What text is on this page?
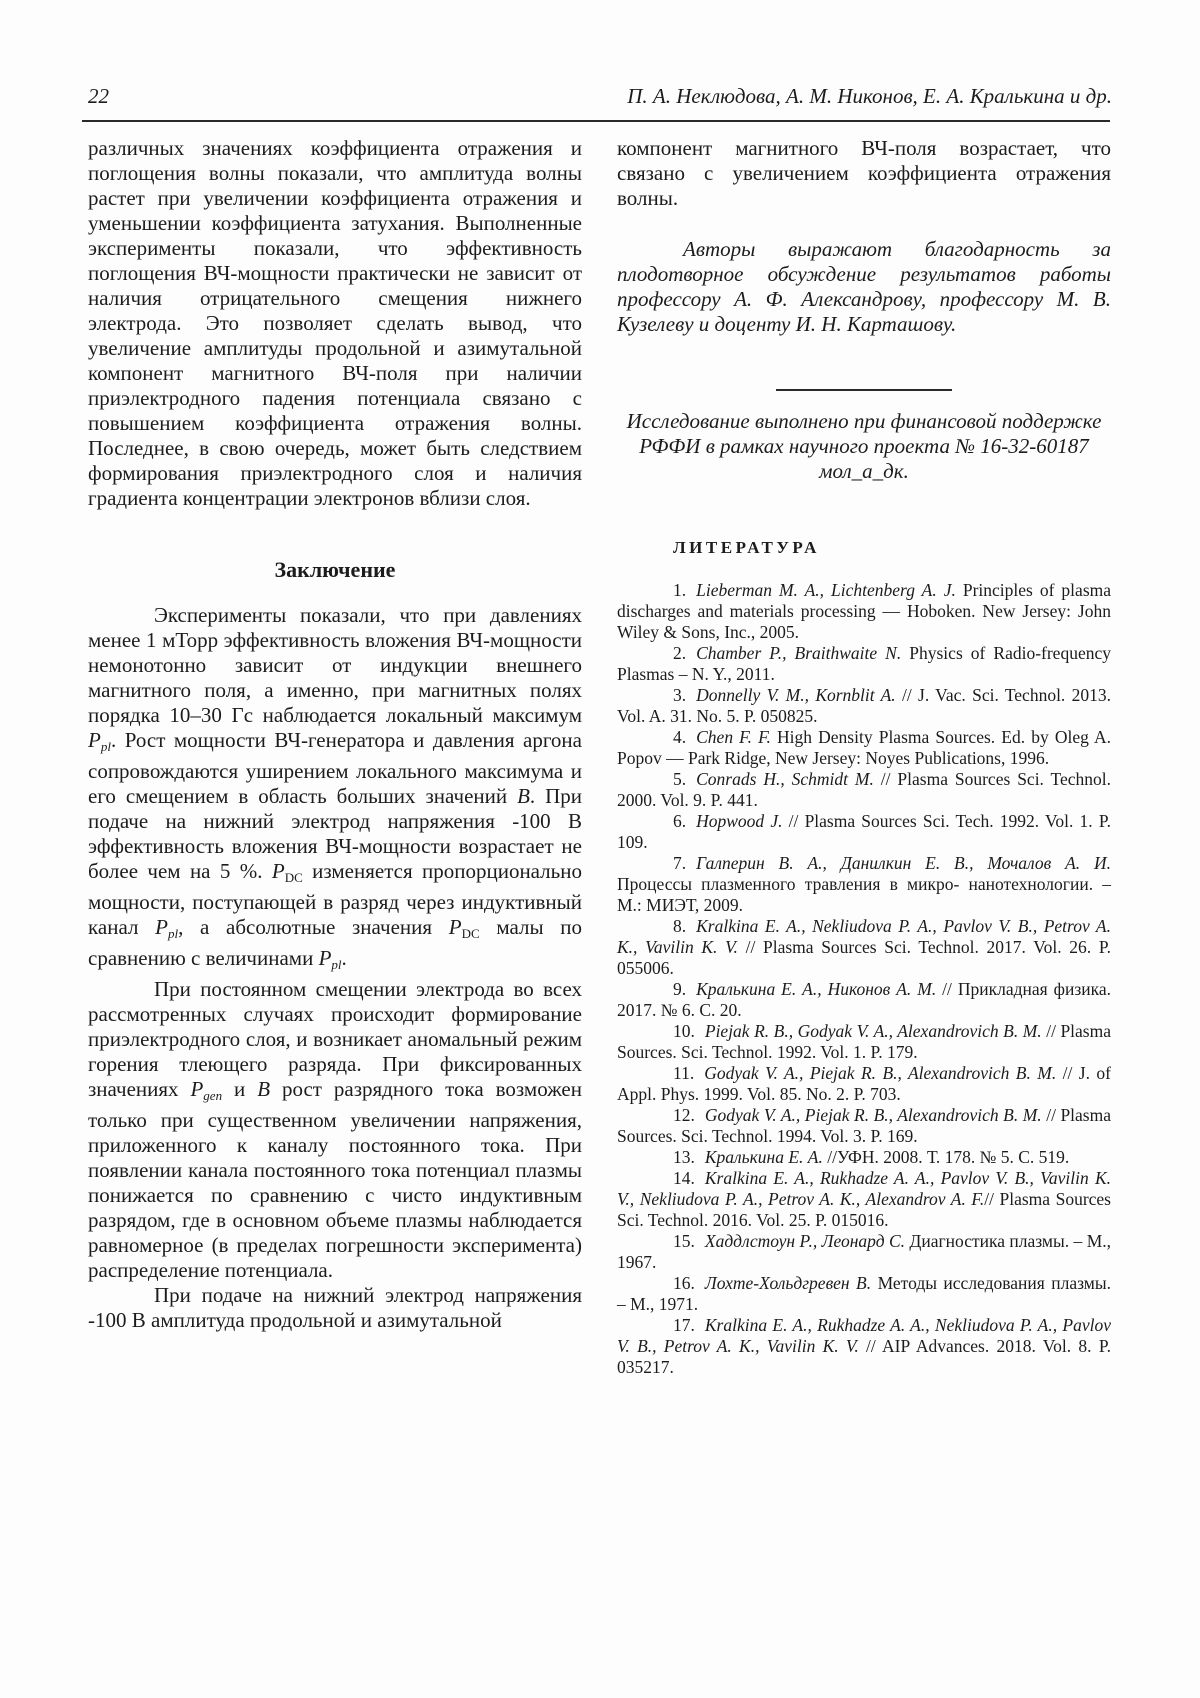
22	П. А. Неклюдова, А. М. Никонов, Е. А. Кралькина и др.

различных значениях коэффициента отражения и поглощения волны показали, что амплитуда волны растет при увеличении коэффициента отражения и уменьшении коэффициента затухания. Выполненные эксперименты показали, что эффективность поглощения ВЧ-мощности практически не зависит от наличия отрицательного смещения нижнего электрода. Это позволяет сделать вывод, что увеличение амплитуды продольной и азимутальной компонент магнитного ВЧ-поля при наличии приэлектродного падения потенциала связано с повышением коэффициента отражения волны. Последнее, в свою очередь, может быть следствием формирования приэлектродного слоя и наличия градиента концентрации электронов вблизи слоя.

Заключение

Эксперименты показали, что при давлениях менее 1 мТорр эффективность вложения ВЧ-мощности немонотонно зависит от индукции внешнего магнитного поля, а именно, при магнитных полях порядка 10–30 Гс наблюдается локальный максимум Ppl. Рост мощности ВЧ-генератора и давления аргона сопровождаются уширением локального максимума и его смещением в область больших значений B. При подаче на нижний электрод напряжения -100 В эффективность вложения ВЧ-мощности возрастает не более чем на 5 %. PDC изменяется пропорционально мощности, поступающей в разряд через индуктивный канал Ppl, а абсолютные значения PDC малы по сравнению с величинами Ppl.

При постоянном смещении электрода во всех рассмотренных случаях происходит формирование приэлектродного слоя, и возникает аномальный режим горения тлеющего разряда. При фиксированных значениях Pgen и B рост разрядного тока возможен только при существенном увеличении напряжения, приложенного к каналу постоянного тока. При появлении канала постоянного тока потенциал плазмы понижается по сравнению с чисто индуктивным разрядом, где в основном объеме плазмы наблюдается равномерное (в пределах погрешности эксперимента) распределение потенциала.

При подаче на нижний электрод напряжения -100 В амплитуда продольной и азимутальной

компонент магнитного ВЧ-поля возрастает, что связано с увеличением коэффициента отражения волны.

Авторы выражают благодарность за плодотворное обсуждение результатов работы профессору А. Ф. Александрову, профессору М. В. Кузелеву и доценту И. Н. Карташову.

Исследование выполнено при финансовой поддержке РФФИ в рамках научного проекта № 16-32-60187 мол_а_дк.

ЛИТЕРАТУРА

1. Lieberman M. A., Lichtenberg A. J. Principles of plasma discharges and materials processing — Hoboken. New Jersey: John Wiley & Sons, Inc., 2005.

2. Chamber P., Braithwaite N. Physics of Radio-frequency Plasmas – N. Y., 2011.

3. Donnelly V. M., Kornblit A. // J. Vac. Sci. Technol. 2013. Vol. A. 31. No. 5. P. 050825.

4. Chen F. F. High Density Plasma Sources. Ed. by Oleg A. Popov — Park Ridge, New Jersey: Noyes Publications, 1996.

5. Conrads H., Schmidt M. // Plasma Sources Sci. Technol. 2000. Vol. 9. P. 441.

6. Hopwood J. // Plasma Sources Sci. Tech. 1992. Vol. 1. P. 109.

7. Галперин В. А., Данилкин Е. В., Мочалов А. И. Процессы плазменного травления в микро- нанотехнологии. – М.: МИЭТ, 2009.

8. Kralkina E. A., Nekliudova P. A., Pavlov V. B., Petrov A. K., Vavilin K. V. // Plasma Sources Sci. Technol. 2017. Vol. 26. P. 055006.

9. Кралькина Е. А., Никонов А. М. // Прикладная физика. 2017. № 6. С. 20.

10. Piejak R. B., Godyak V. A., Alexandrovich B. M. // Plasma Sources. Sci. Technol. 1992. Vol. 1. P. 179.

11. Godyak V. A., Piejak R. B., Alexandrovich B. M. // J. of Appl. Phys. 1999. Vol. 85. No. 2. P. 703.

12. Godyak V. A., Piejak R. B., Alexandrovich B. M. // Plasma Sources. Sci. Technol. 1994. Vol. 3. P. 169.

13. Кралькина Е. А. //УФН. 2008. Т. 178. № 5. С. 519.

14. Kralkina E. A., Rukhadze A. A., Pavlov V. B., Vavilin K. V., Nekliudova P. A., Petrov A. K., Alexandrov A. F.// Plasma Sources Sci. Technol. 2016. Vol. 25. P. 015016.

15. Хаддлстоун Р., Леонард С. Диагностика плазмы. – М., 1967.

16. Лохте-Хольдгревен В. Методы исследования плазмы. – М., 1971.

17. Kralkina E. A., Rukhadze A. A., Nekliudova P. A., Pavlov V. B., Petrov A. K., Vavilin K. V. // AIP Advances. 2018. Vol. 8. P. 035217.
